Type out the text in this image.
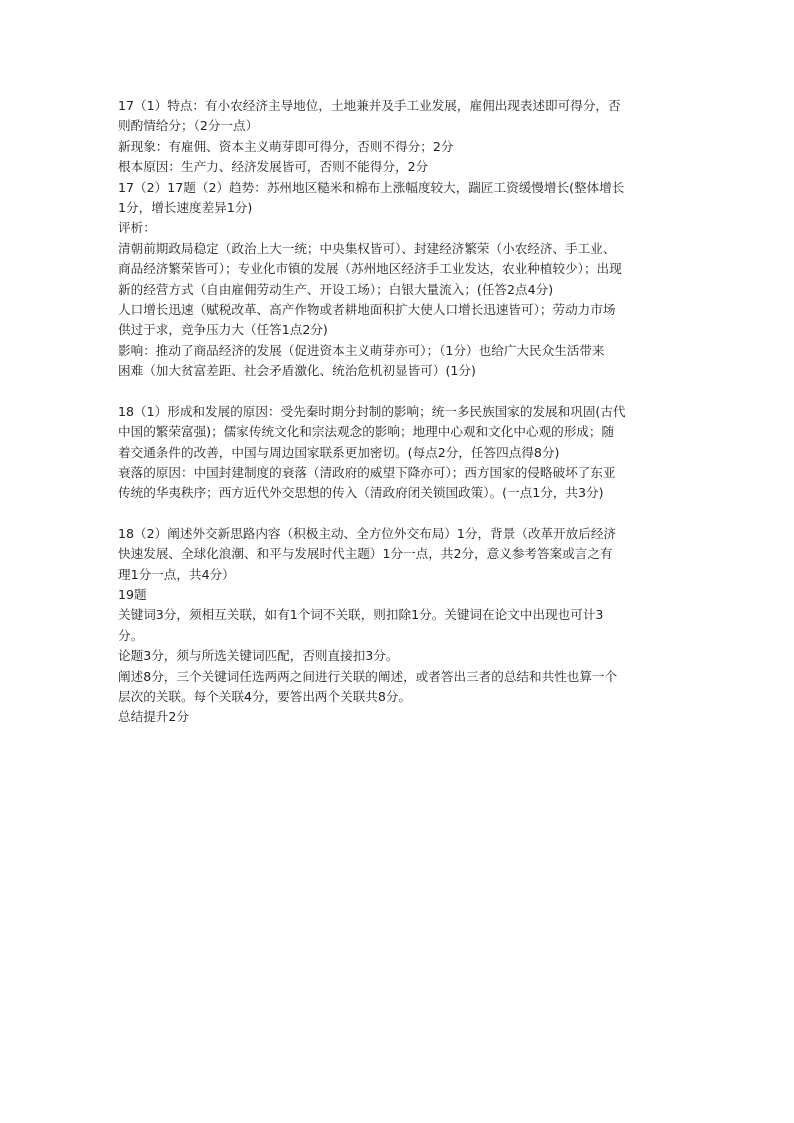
17（1）特点：有小农经济主导地位，土地兼并及手工业发展，雇佣出现表述即可得分，否
则酌情给分；（2分一点）
新现象：有雇佣、资本主义萌芽即可得分，否则不得分；2分
根本原因：生产力、经济发展皆可，否则不能得分，2分
17（2）17题（2）趋势：苏州地区糙米和棉布上涨幅度较大，踹匠工资缓慢增长(整体增长
1分，增长速度差异1分)
评析：
清朝前期政局稳定（政治上大一统；中央集权皆可）、封建经济繁荣（小农经济、手工业、
商品经济繁荣皆可）；专业化市镇的发展（苏州地区经济手工业发达，农业种植较少）；出现
新的经营方式（自由雇佣劳动生产、开设工场）；白银大量流入；(任答2点4分)
人口增长迅速（赋税改革、高产作物或者耕地面积扩大使人口增长迅速皆可）；劳动力市场
供过于求，竞争压力大（任答1点2分)
影响：推动了商品经济的发展（促进资本主义萌芽亦可）；（1分）也给广大民众生活带来
困难（加大贫富差距、社会矛盾激化、统治危机初显皆可）(1分)
18（1）形成和发展的原因：受先秦时期分封制的影响；统一多民族国家的发展和巩固(古代
中国的繁荣富强)；儒家传统文化和宗法观念的影响；地理中心观和文化中心观的形成；随
着交通条件的改善，中国与周边国家联系更加密切。(每点2分，任答四点得8分)
衰落的原因：中国封建制度的衰落（清政府的威望下降亦可）；西方国家的侵略破坏了东亚
传统的华夷秩序；西方近代外交思想的传入（清政府闭关锁国政策）。(一点1分，共3分)
18（2）阐述外交新思路内容（积极主动、全方位外交布局）1分，背景（改革开放后经济
快速发展、全球化浪潮、和平与发展时代主题）1分一点，共2分，意义参考答案或言之有
理1分一点，共4分）
19题
关键词3分，须相互关联，如有1个词不关联，则扣除1分。关键词在论文中出现也可计3
分。
论题3分，须与所选关键词匹配，否则直接扣3分。
阐述8分，三个关键词任选两两之间进行关联的阐述，或者答出三者的总结和共性也算一个
层次的关联。每个关联4分，要答出两个关联共8分。
总结提升2分
